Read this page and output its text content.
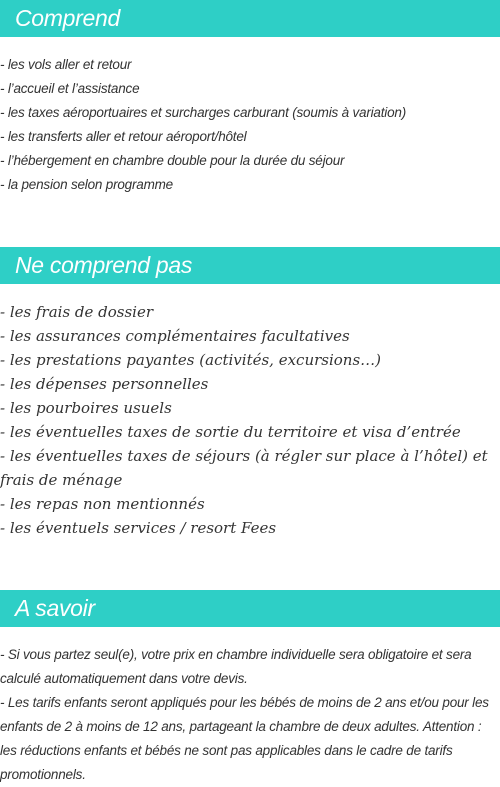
Comprend
- les vols aller et retour
- l’accueil et l’assistance
- les taxes aéroportuaires et surcharges carburant (soumis à variation)
- les transferts aller et retour aéroport/hôtel
- l’hébergement en chambre double pour la durée du séjour
- la pension selon programme
Ne comprend pas
- les frais de dossier
- les assurances complémentaires facultatives
- les prestations payantes (activités, excursions…)
- les dépenses personnelles
- les pourboires usuels
- les éventuelles taxes de sortie du territoire et visa d’entrée
- les éventuelles taxes de séjours (à régler sur place à l’hôtel) et frais de ménage
- les repas non mentionnés
- les éventuels services / resort Fees
A savoir

- Si vous partez seul(e), votre prix en chambre individuelle sera obligatoire et sera calculé automatiquement dans votre devis.

- Les tarifs enfants seront appliqués pour les bébés de moins de 2 ans et/ou pour les enfants de 2 à moins de 12 ans, partageant la chambre de deux adultes. Attention : les réductions enfants et bébés ne sont pas applicables dans le cadre de tarifs promotionnels.
